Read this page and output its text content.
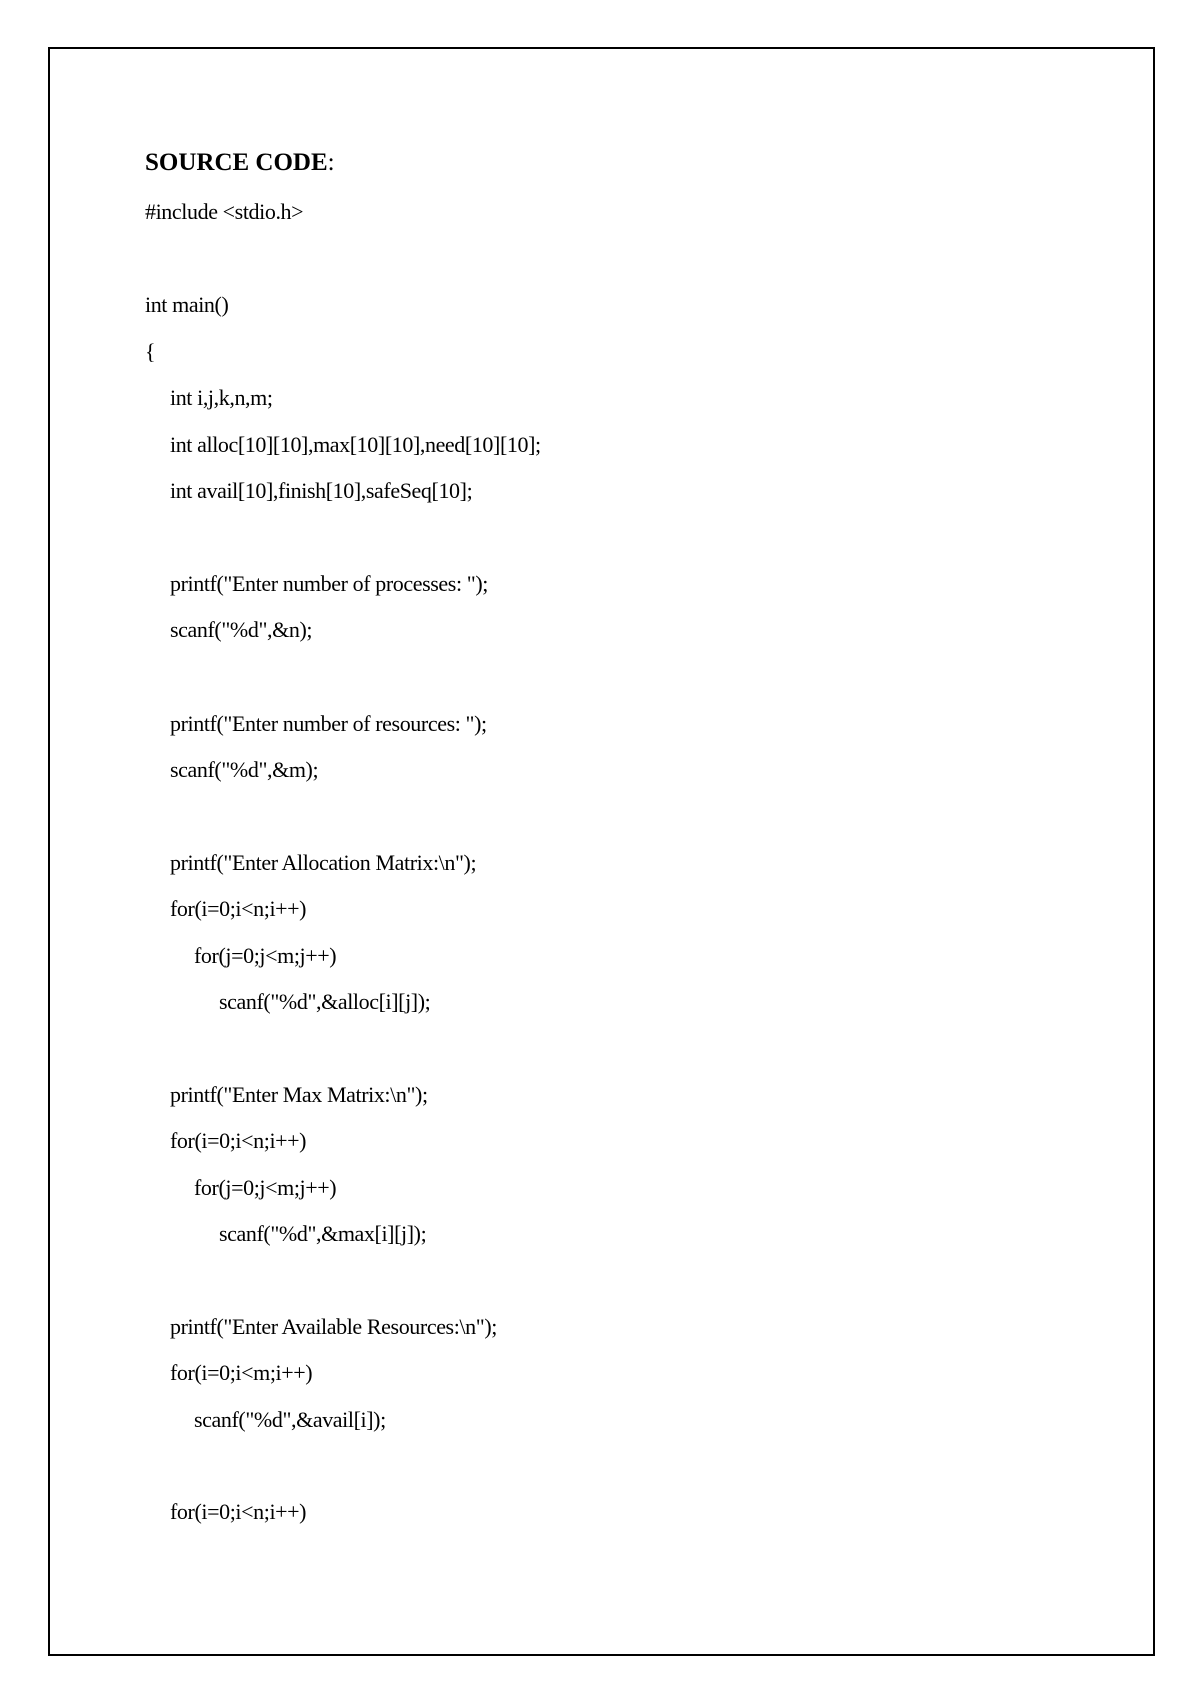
SOURCE CODE:
#include <stdio.h>
int main()
{
int i,j,k,n,m;
int alloc[10][10],max[10][10],need[10][10];
int avail[10],finish[10],safeSeq[10];
printf("Enter number of processes: ");
scanf("%d",&n);
printf("Enter number of resources: ");
scanf("%d",&m);
printf("Enter Allocation Matrix:\n");
for(i=0;i<n;i++)
for(j=0;j<m;j++)
scanf("%d",&alloc[i][j]);
printf("Enter Max Matrix:\n");
for(i=0;i<n;i++)
for(j=0;j<m;j++)
scanf("%d",&max[i][j]);
printf("Enter Available Resources:\n");
for(i=0;i<m;i++)
scanf("%d",&avail[i]);
for(i=0;i<n;i++)
